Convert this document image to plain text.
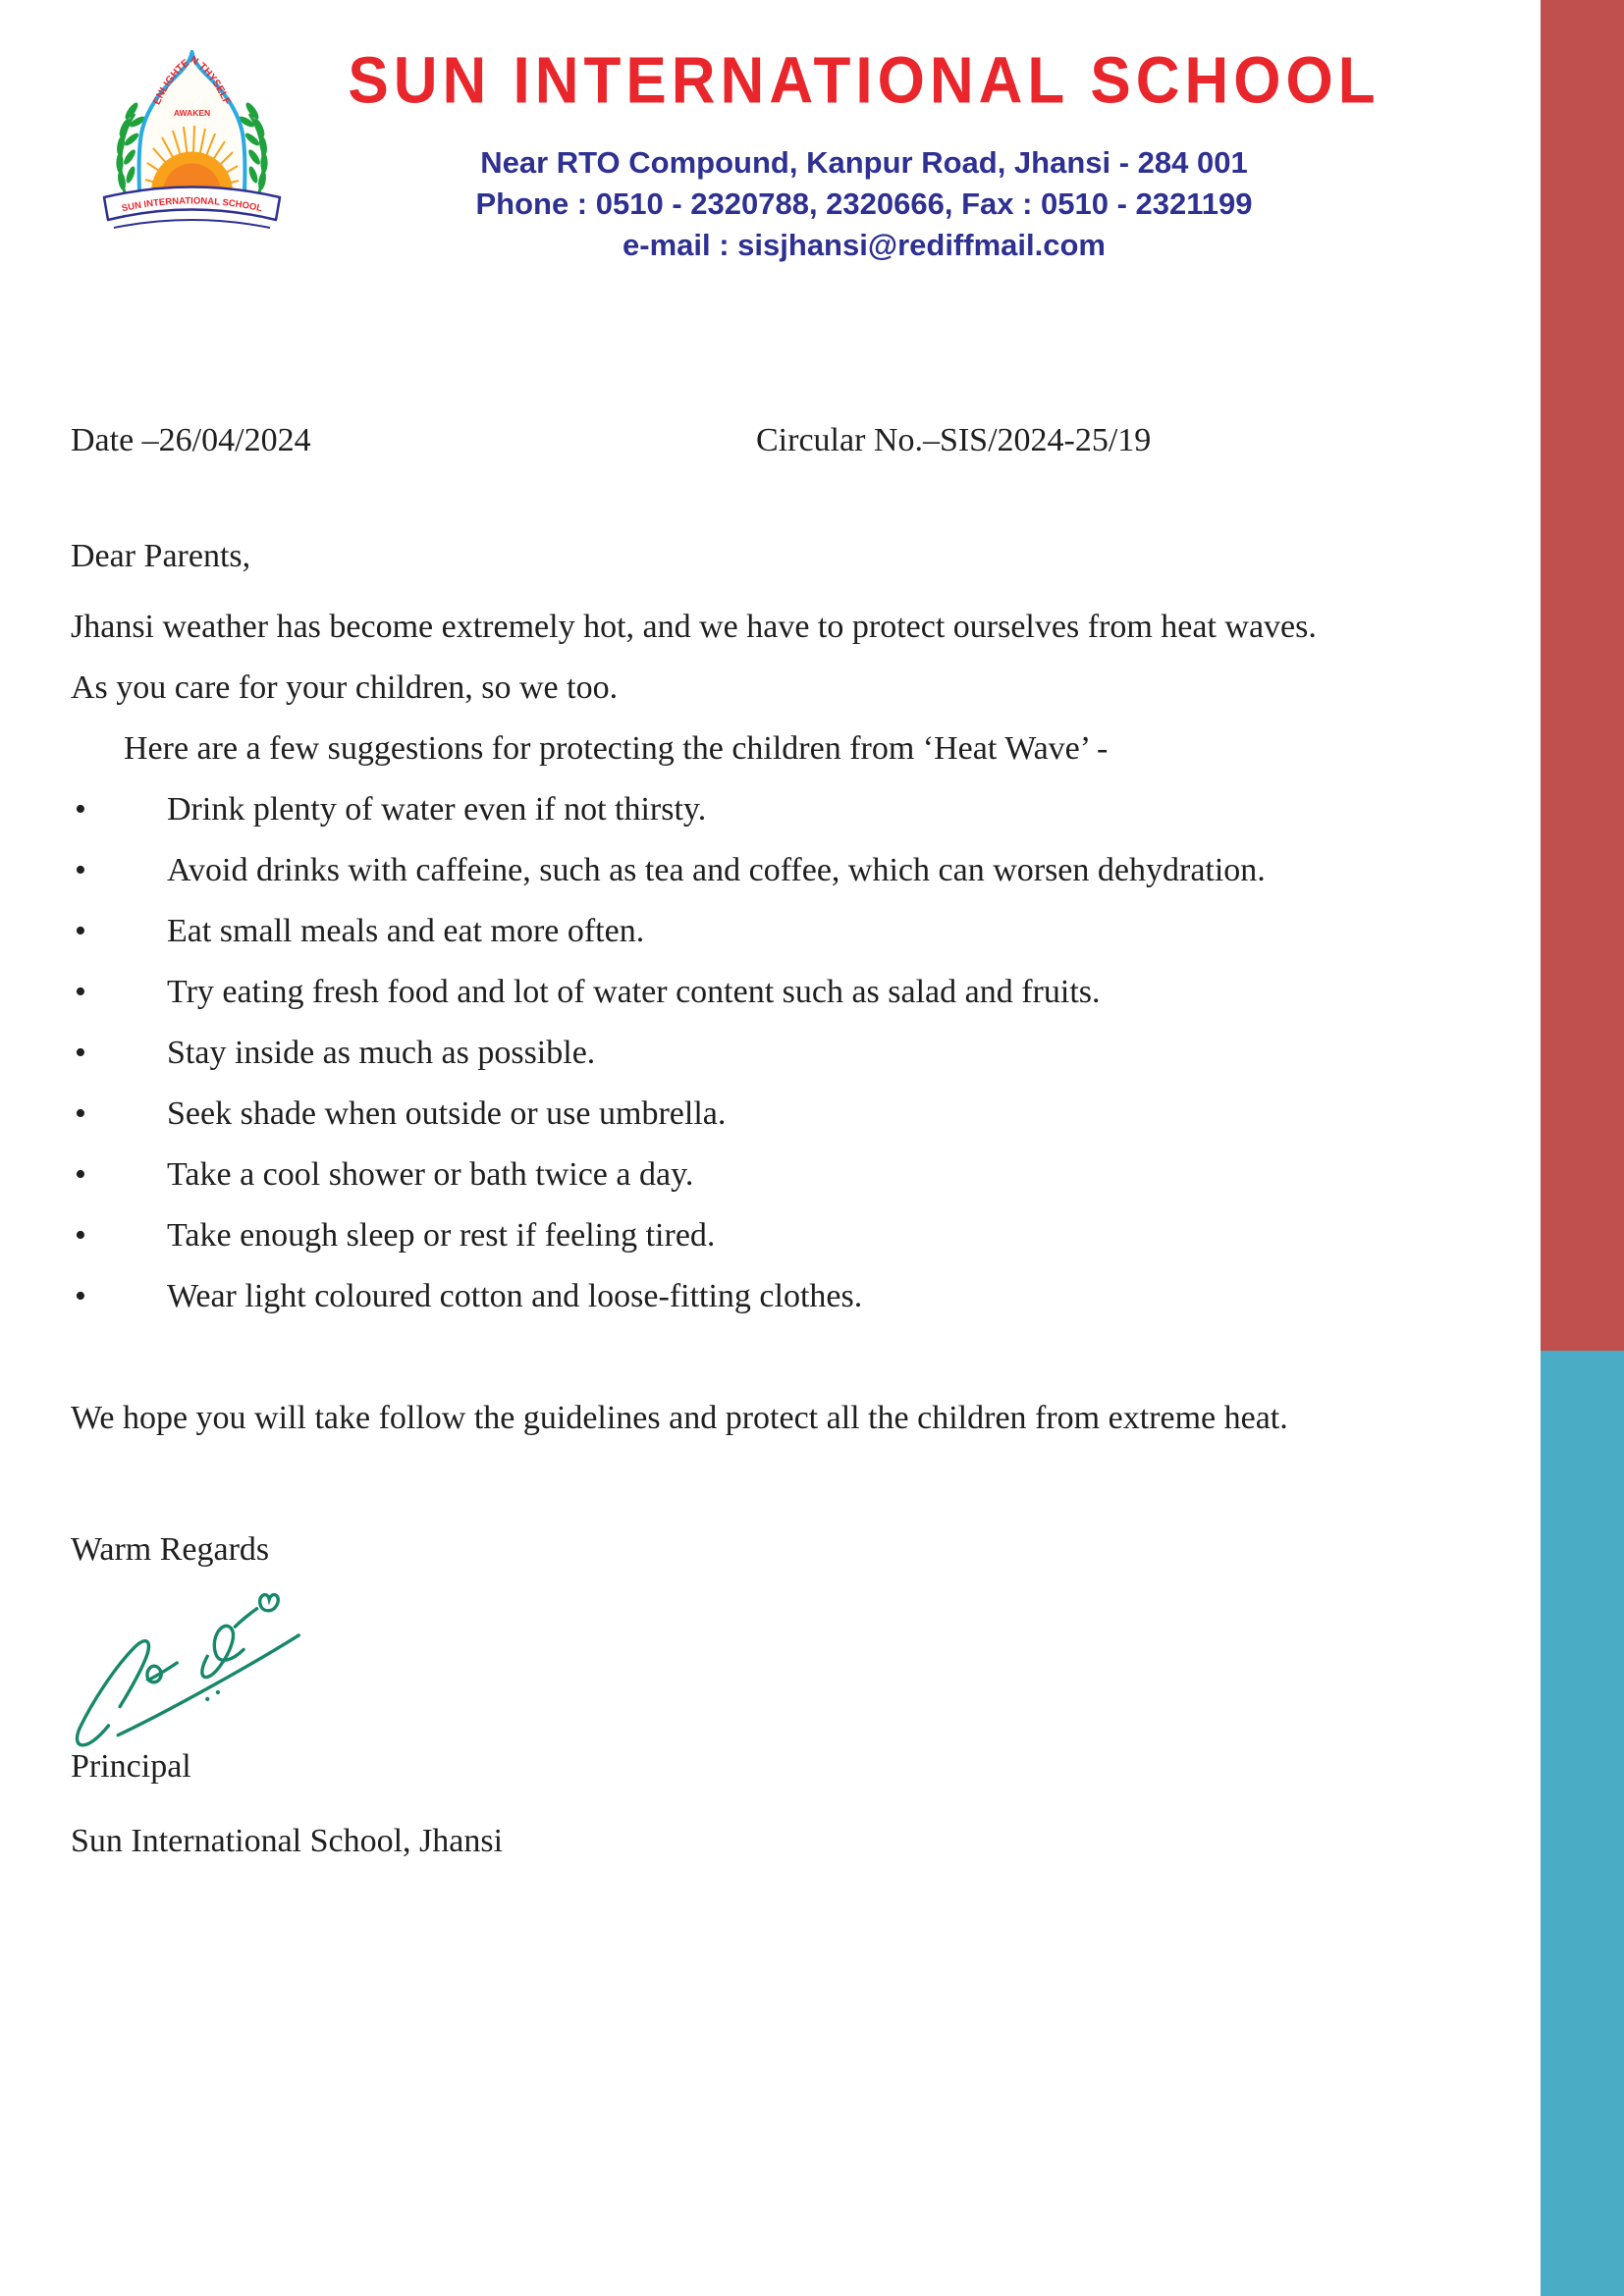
ENLIGHTEN THYSELF
AWAKEN
SUN INTERNATIONAL SCHOOL
SUN INTERNATIONAL SCHOOL
Near RTO Compound, Kanpur Road, Jhansi - 284 001
Phone : 0510 - 2320788, 2320666, Fax : 0510 - 2321199
e-mail : sisjhansi@rediffmail.com
Date –26/04/2024	Circular No.–SIS/2024-25/19

Dear Parents,

Jhansi weather has become extremely hot, and we have to protect ourselves from heat waves.

As you care for your children, so we too.

Here are a few suggestions for protecting the children from ‘Heat Wave’ -

• Drink plenty of water even if not thirsty.
• Avoid drinks with caffeine, such as tea and coffee, which can worsen dehydration.
• Eat small meals and eat more often.
• Try eating fresh food and lot of water content such as salad and fruits.
• Stay inside as much as possible.
• Seek shade when outside or use umbrella.
• Take a cool shower or bath twice a day.
• Take enough sleep or rest if feeling tired.
• Wear light coloured cotton and loose-fitting clothes.

We hope you will take follow the guidelines and protect all the children from extreme heat.

Warm Regards

Principal

Sun International School, Jhansi
